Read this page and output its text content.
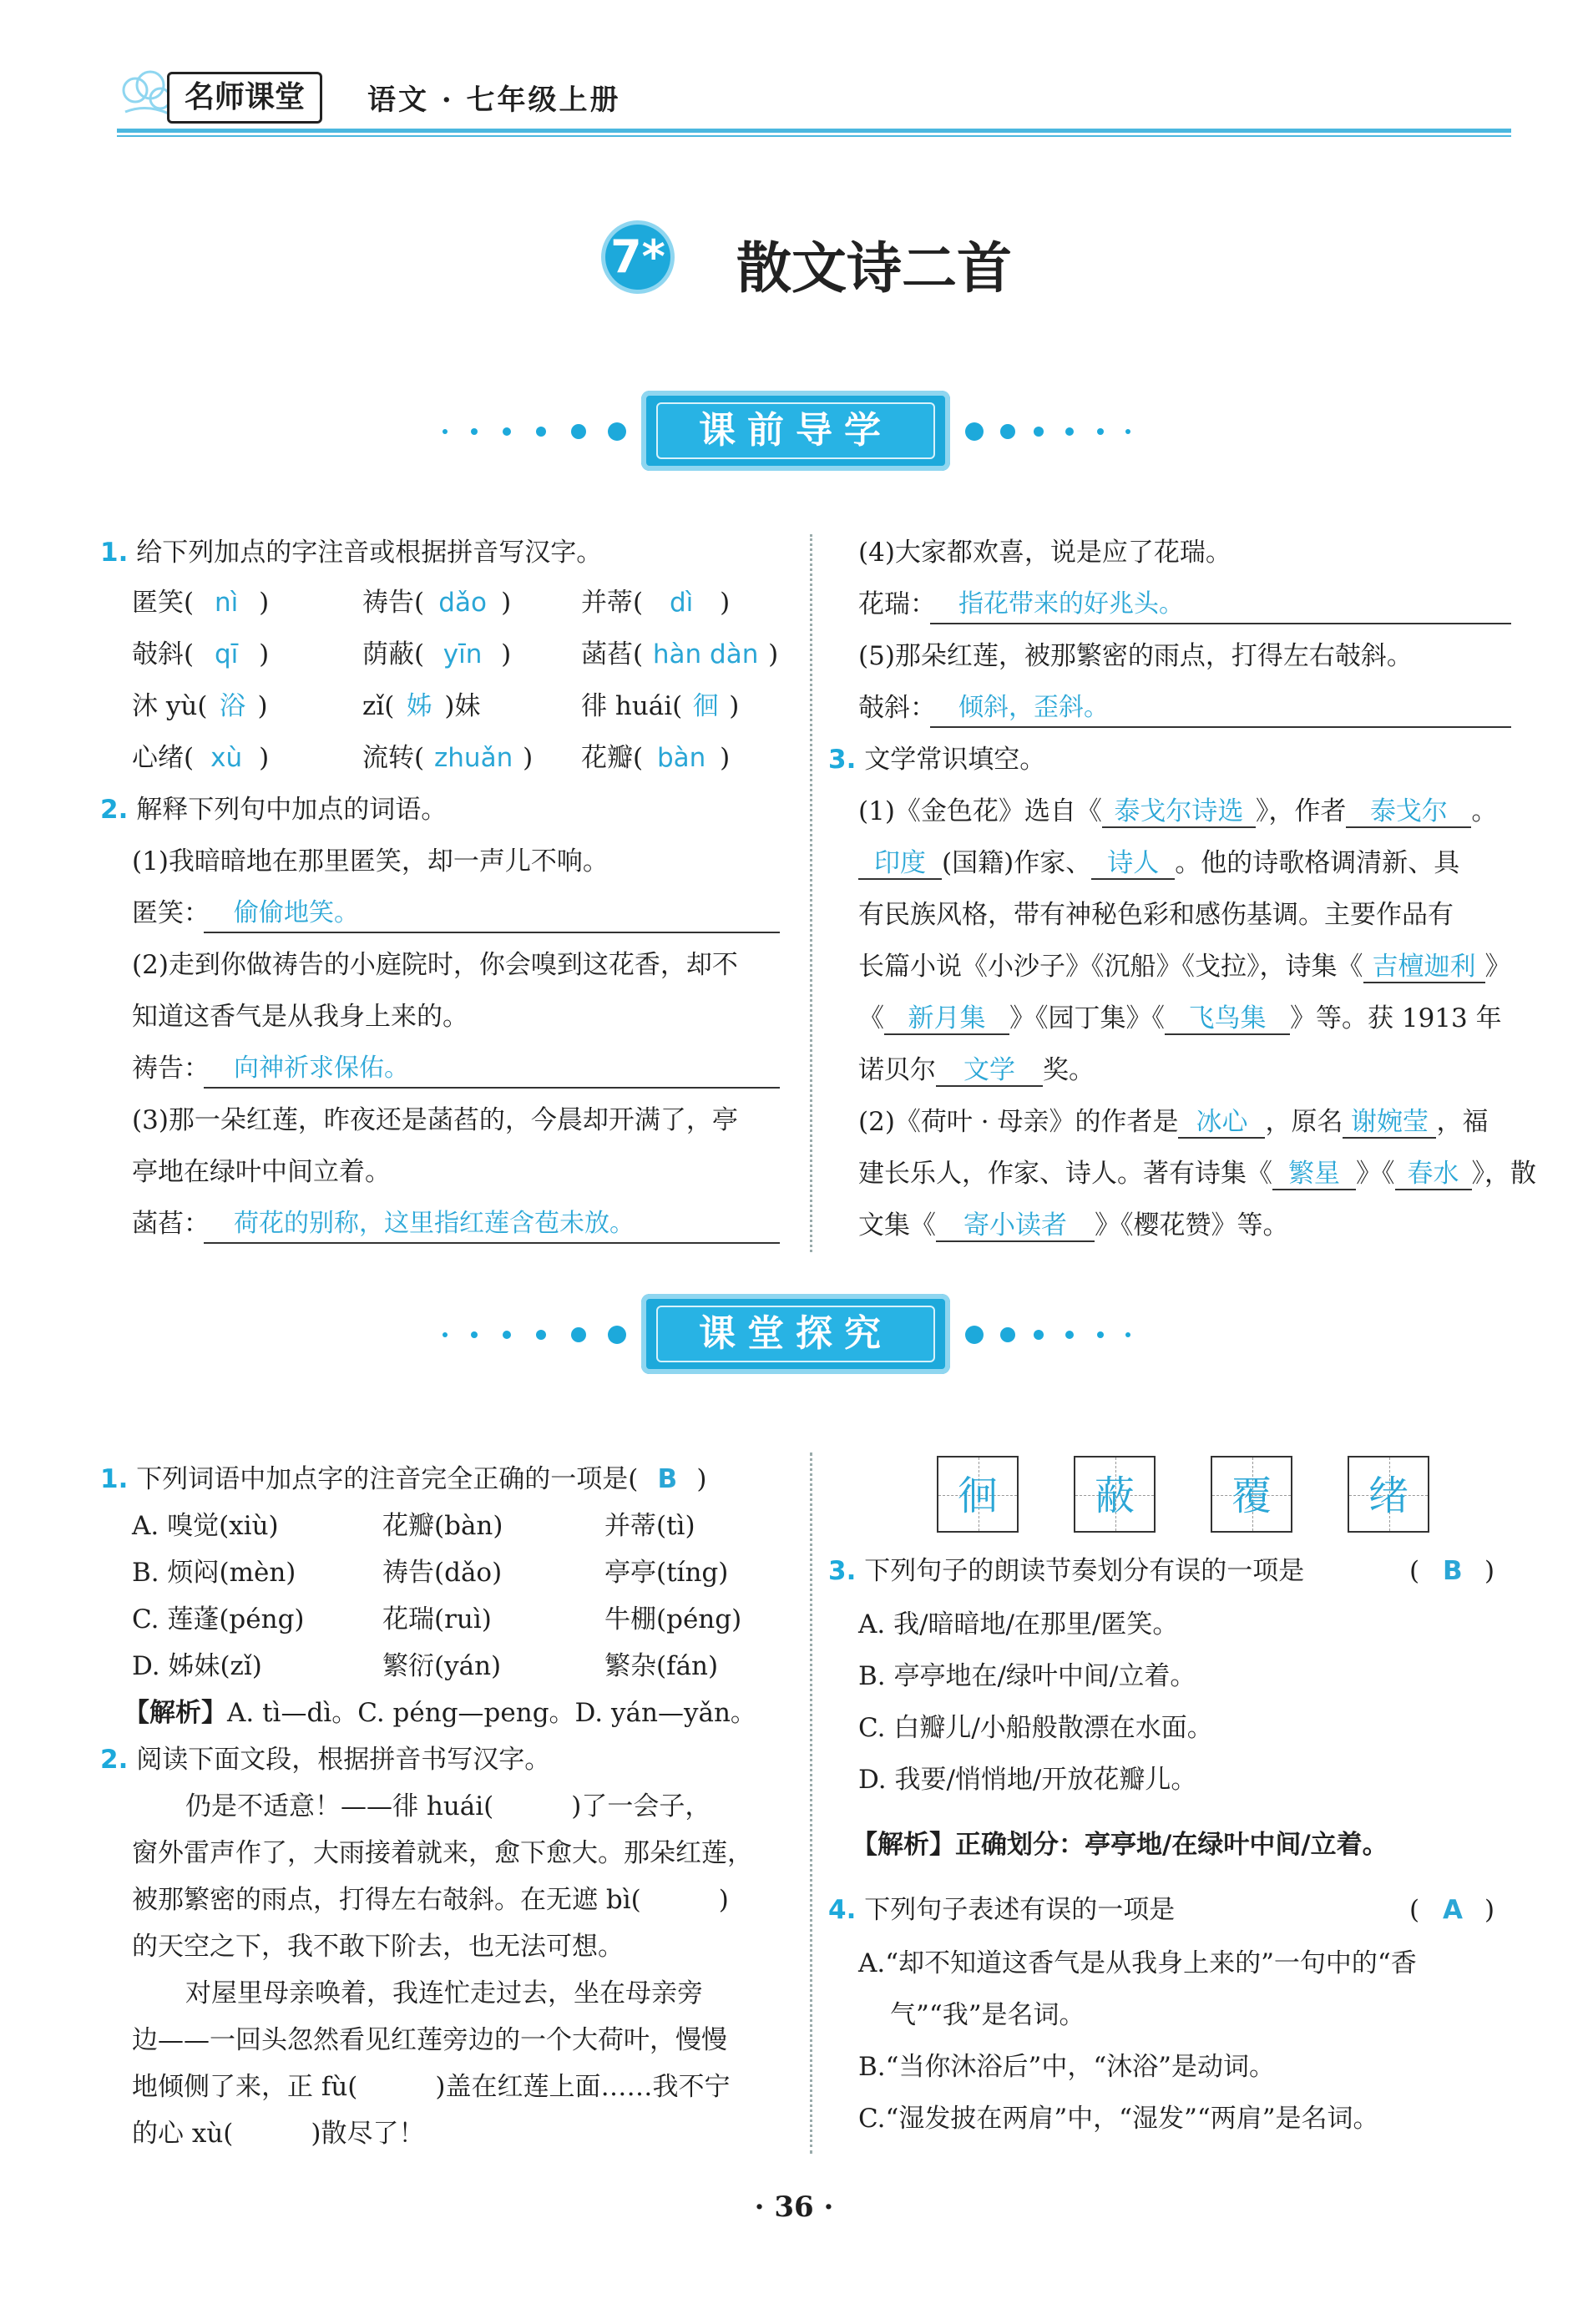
名师课堂	语文 · 七年级上册
7* 散文诗二首
课前导学
1. 给下列加点的字注音或根据拼音写汉字。
匿笑( nì )	祷告( dǎo )	并蒂( dì )
攲斜( qī )	荫蔽( yīn )	菡萏( hàn dàn )
沐 yù( 浴 )	zǐ( 姊 )妹	徘 huái( 徊 )
心绪( xù )	流转( zhuǎn ) 花瓣( bàn )
2. 解释下列句中加点的词语。
(1)我暗暗地在那里匿笑，却一声儿不响。
匿笑： 偷偷地笑。
(2)走到你做祷告的小庭院时，你会嗅到这花香，却不
知道这香气是从我身上来的。
祷告： 向神祈求保佑。
(3)那一朵红莲，昨夜还是菡萏的，今晨却开满了，亭
亭地在绿叶中间立着。
菡萏： 荷花的别称，这里指红莲含苞未放。
(4)大家都欢喜，说是应了花瑞。
花瑞： 指花带来的好兆头。
(5)那朵红莲，被那繁密的雨点，打得左右攲斜。
攲斜： 倾斜，歪斜。
3. 文学常识填空。
(1)《金色花》选自《 泰戈尔诗选 》，作者 泰戈尔 。
印度 (国籍)作家、 诗人 。他的诗歌格调清新、具
有民族风格，带有神秘色彩和感伤基调。主要作品有
长篇小说《小沙子》《沉船》《戈拉》，诗集《 吉檀迦利 》
《 新月集 》《园丁集》《 飞鸟集 》等。获 1913 年
诺贝尔 文学 奖。
(2)《荷叶 · 母亲》的作者是 冰心 ，原名 谢婉莹 ，福
建长乐人，作家、诗人。著有诗集《 繁星 》《 春水 》，散
文集《 寄小读者 》《樱花赞》等。
课堂探究
1. 下列词语中加点字的注音完全正确的一项是( B )
A. 嗅觉(xiù)	花瓣(bàn)	并蒂(tì)
B. 烦闷(mèn)	祷告(dǎo)	亭亭(tíng)
C. 莲蓬(péng)	花瑞(ruì)	牛棚(péng)
D. 姊妹(zǐ)	繁衍(yán)	繁杂(fán)
【解析】A. tì—dì。C. péng—peng。D. yán—yǎn。
2. 阅读下面文段，根据拼音书写汉字。
仍是不适意！——徘 huái(　　　)了一会子，
窗外雷声作了，大雨接着就来，愈下愈大。那朵红莲，
被那繁密的雨点，打得左右攲斜。在无遮 bì(　　　)
的天空之下，我不敢下阶去，也无法可想。
对屋里母亲唤着，我连忙走过去，坐在母亲旁
边——一回头忽然看见红莲旁边的一个大荷叶，慢慢
地倾侧了来，正 fù(　　　)盖在红莲上面……我不宁
的心 xù(　　　)散尽了！
徊	蔽	覆	绪
3. 下列句子的朗读节奏划分有误的一项是	( B )
A. 我/暗暗地/在那里/匿笑。
B. 亭亭地在/绿叶中间/立着。
C. 白瓣儿/小船般散漂在水面。
D. 我要/悄悄地/开放花瓣儿。
【解析】正确划分：亭亭地/在绿叶中间/立着。
4. 下列句子表述有误的一项是	( A )
A.“却不知道这香气是从我身上来的”一句中的“香
气”“我”是名词。
B.“当你沐浴后”中，“沐浴”是动词。
C.“湿发披在两肩”中，“湿发”“两肩”是名词。
· 36 ·
